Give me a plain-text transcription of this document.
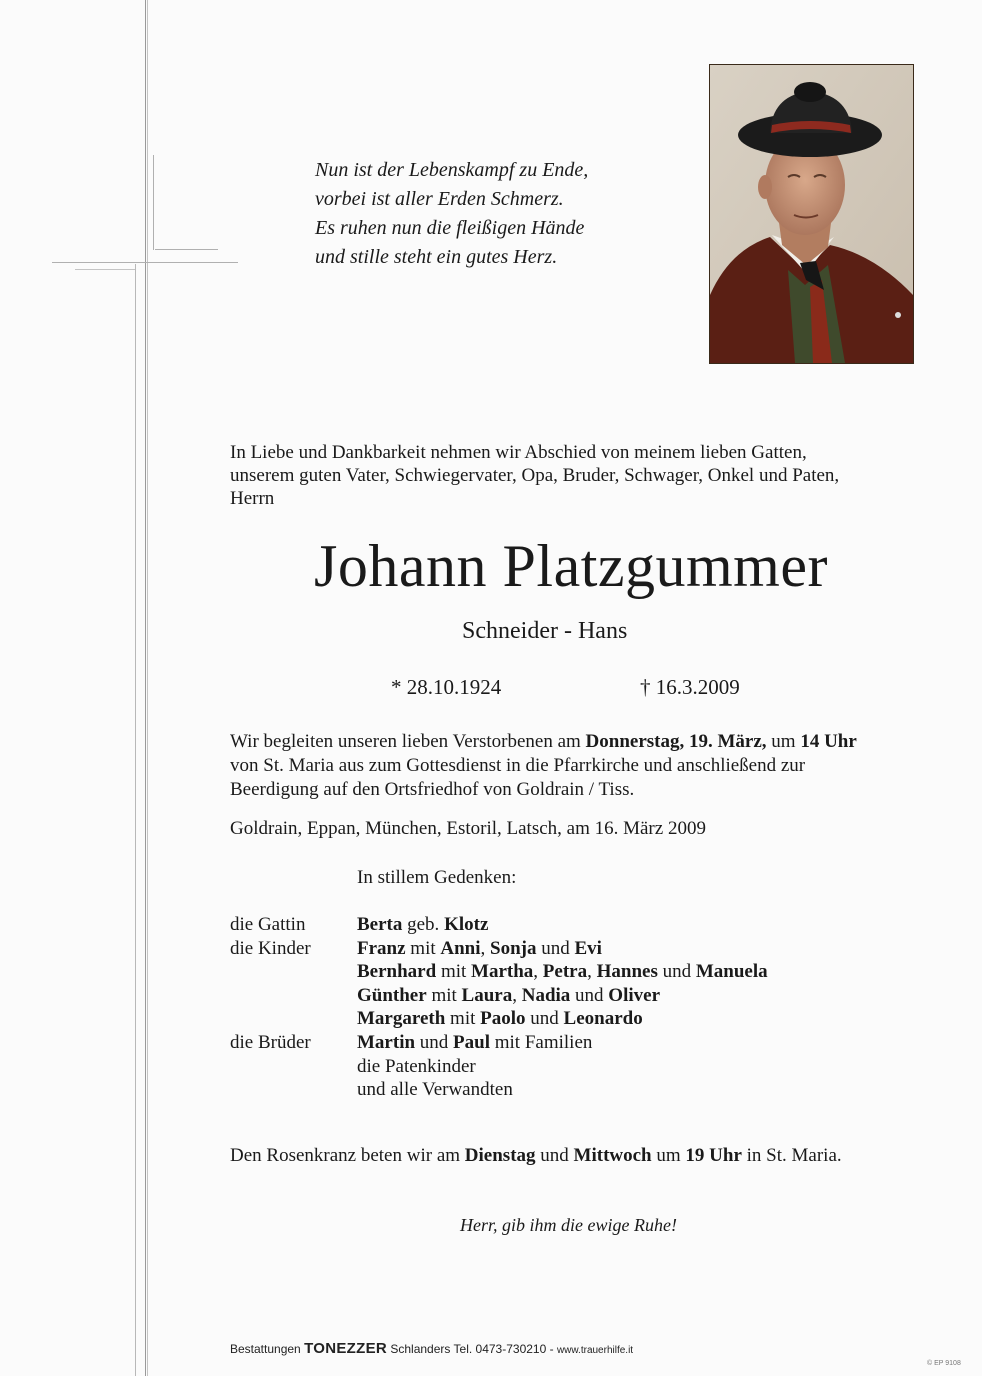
Nun ist der Lebenskampf zu Ende,
vorbei ist aller Erden Schmerz.
Es ruhen nun die fleißigen Hände
und stille steht ein gutes Herz.
In Liebe und Dankbarkeit nehmen wir Abschied von meinem lieben Gatten,
unserem guten Vater, Schwiegervater, Opa, Bruder, Schwager, Onkel und Paten,
Herrn
Johann Platzgummer
Schneider - Hans
* 28.10.1924	† 16.3.2009
Wir begleiten unseren lieben Verstorbenen am Donnerstag, 19. März, um 14 Uhr
von St. Maria aus zum Gottesdienst in die Pfarrkirche und anschließend zur
Beerdigung auf den Ortsfriedhof von Goldrain / Tiss.
Goldrain, Eppan, München, Estoril, Latsch, am 16. März 2009
In stillem Gedenken:
die Gattin	Berta geb. Klotz
die Kinder	Franz mit Anni, Sonja und Evi
Bernhard mit Martha, Petra, Hannes und Manuela
Günther mit Laura, Nadia und Oliver
Margareth mit Paolo und Leonardo
die Brüder	Martin und Paul mit Familien
die Patenkinder
und alle Verwandten
Den Rosenkranz beten wir am Dienstag und Mittwoch um 19 Uhr in St. Maria.
Herr, gib ihm die ewige Ruhe!
Bestattungen TONEZZER Schlanders Tel. 0473-730210 - www.trauerhilfe.it
© EP 9108
